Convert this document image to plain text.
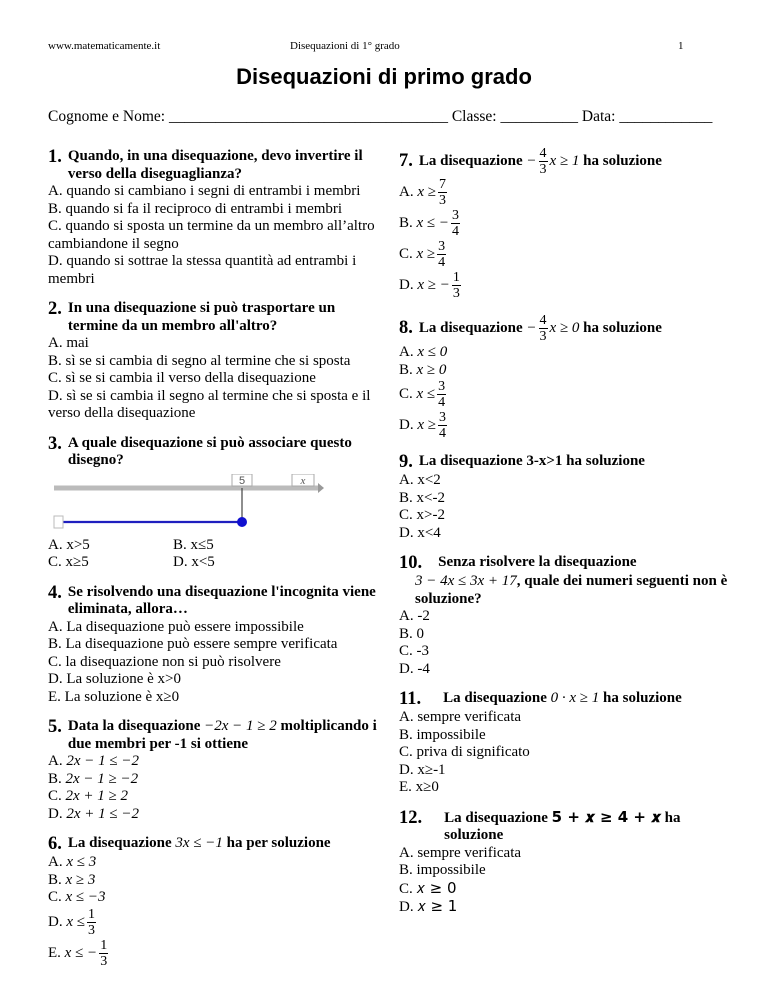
www.matematicamente.it	Disequazioni di 1° grado	1
Disequazioni di primo grado
Cognome e Nome: ____________________________________ Classe: __________ Data: ____________
1. Quando, in una disequazione, devo invertire il verso della diseguaglianza?
A. quando si cambiano i segni di entrambi i membri
B. quando si fa il reciproco di entrambi i membri
C. quando si sposta un termine da un membro all’altro cambiandone il segno
D. quando si sottrae la stessa quantità ad entrambi i membri
2. In una disequazione si può trasportare un termine da un membro all'altro?
A. mai
B. sì se si cambia di segno al termine che si sposta
C. sì se si cambia il verso della disequazione
D. sì se si cambia il segno al termine che si sposta e il verso della disequazione
3. A quale disequazione si può associare questo disegno?
5	x
A. x>5	B. x≤5
C. x≥5	D. x<5
4. Se risolvendo una disequazione l'incognita viene eliminata, allora…
A. La disequazione può essere impossibile
B. La disequazione può essere sempre verificata
C. la disequazione non si può risolvere
D. La soluzione è x>0
E. La soluzione è x≥0
5. Data la disequazione −2x − 1 ≥ 2 moltiplicando i due membri per -1 si ottiene
A. 2x − 1 ≤ −2
B. 2x − 1 ≥ −2
C. 2x + 1 ≥ 2
D. 2x + 1 ≤ −2
6. La disequazione 3x ≤ −1 ha per soluzione
A. x ≤ 3
B. x ≥ 3
C. x ≤ −3
D. $x \le \frac{1}{3}$
E. x ≤ − $\frac{1}{3}$
7. La disequazione − $\frac{4}{3}$ x ≥ 1 ha soluzione
A. $x \ge \frac{7}{3}$
B. x ≤ − $\frac{3}{4}$
C. $x \ge \frac{3}{4}$
D. x ≥ − $\frac{1}{3}$
8. La disequazione − $\frac{4}{3}$ x ≥ 0 ha soluzione
A. x ≤ 0
B. x ≥ 0
C. $x \le \frac{3}{4}$
D. $x \ge \frac{3}{4}$
9. La disequazione 3-x>1 ha soluzione
A. x<2
B. x<-2
C. x>-2
D. x<4
10. Senza risolvere la disequazione
3 − 4x ≤ 3x + 17, quale dei numeri seguenti non è soluzione?
A. -2
B. 0
C. -3
D. -4
11. La disequazione 0 · x ≥ 1 ha soluzione
A. sempre verificata
B. impossibile
C. priva di significato
D. x≥-1
E. x≥0
12. La disequazione 5 + 𝒙 ≥ 4 + 𝒙 ha soluzione
A. sempre verificata
B. impossibile
C. 𝑥 ≥ 0
D. 𝑥 ≥ 1
